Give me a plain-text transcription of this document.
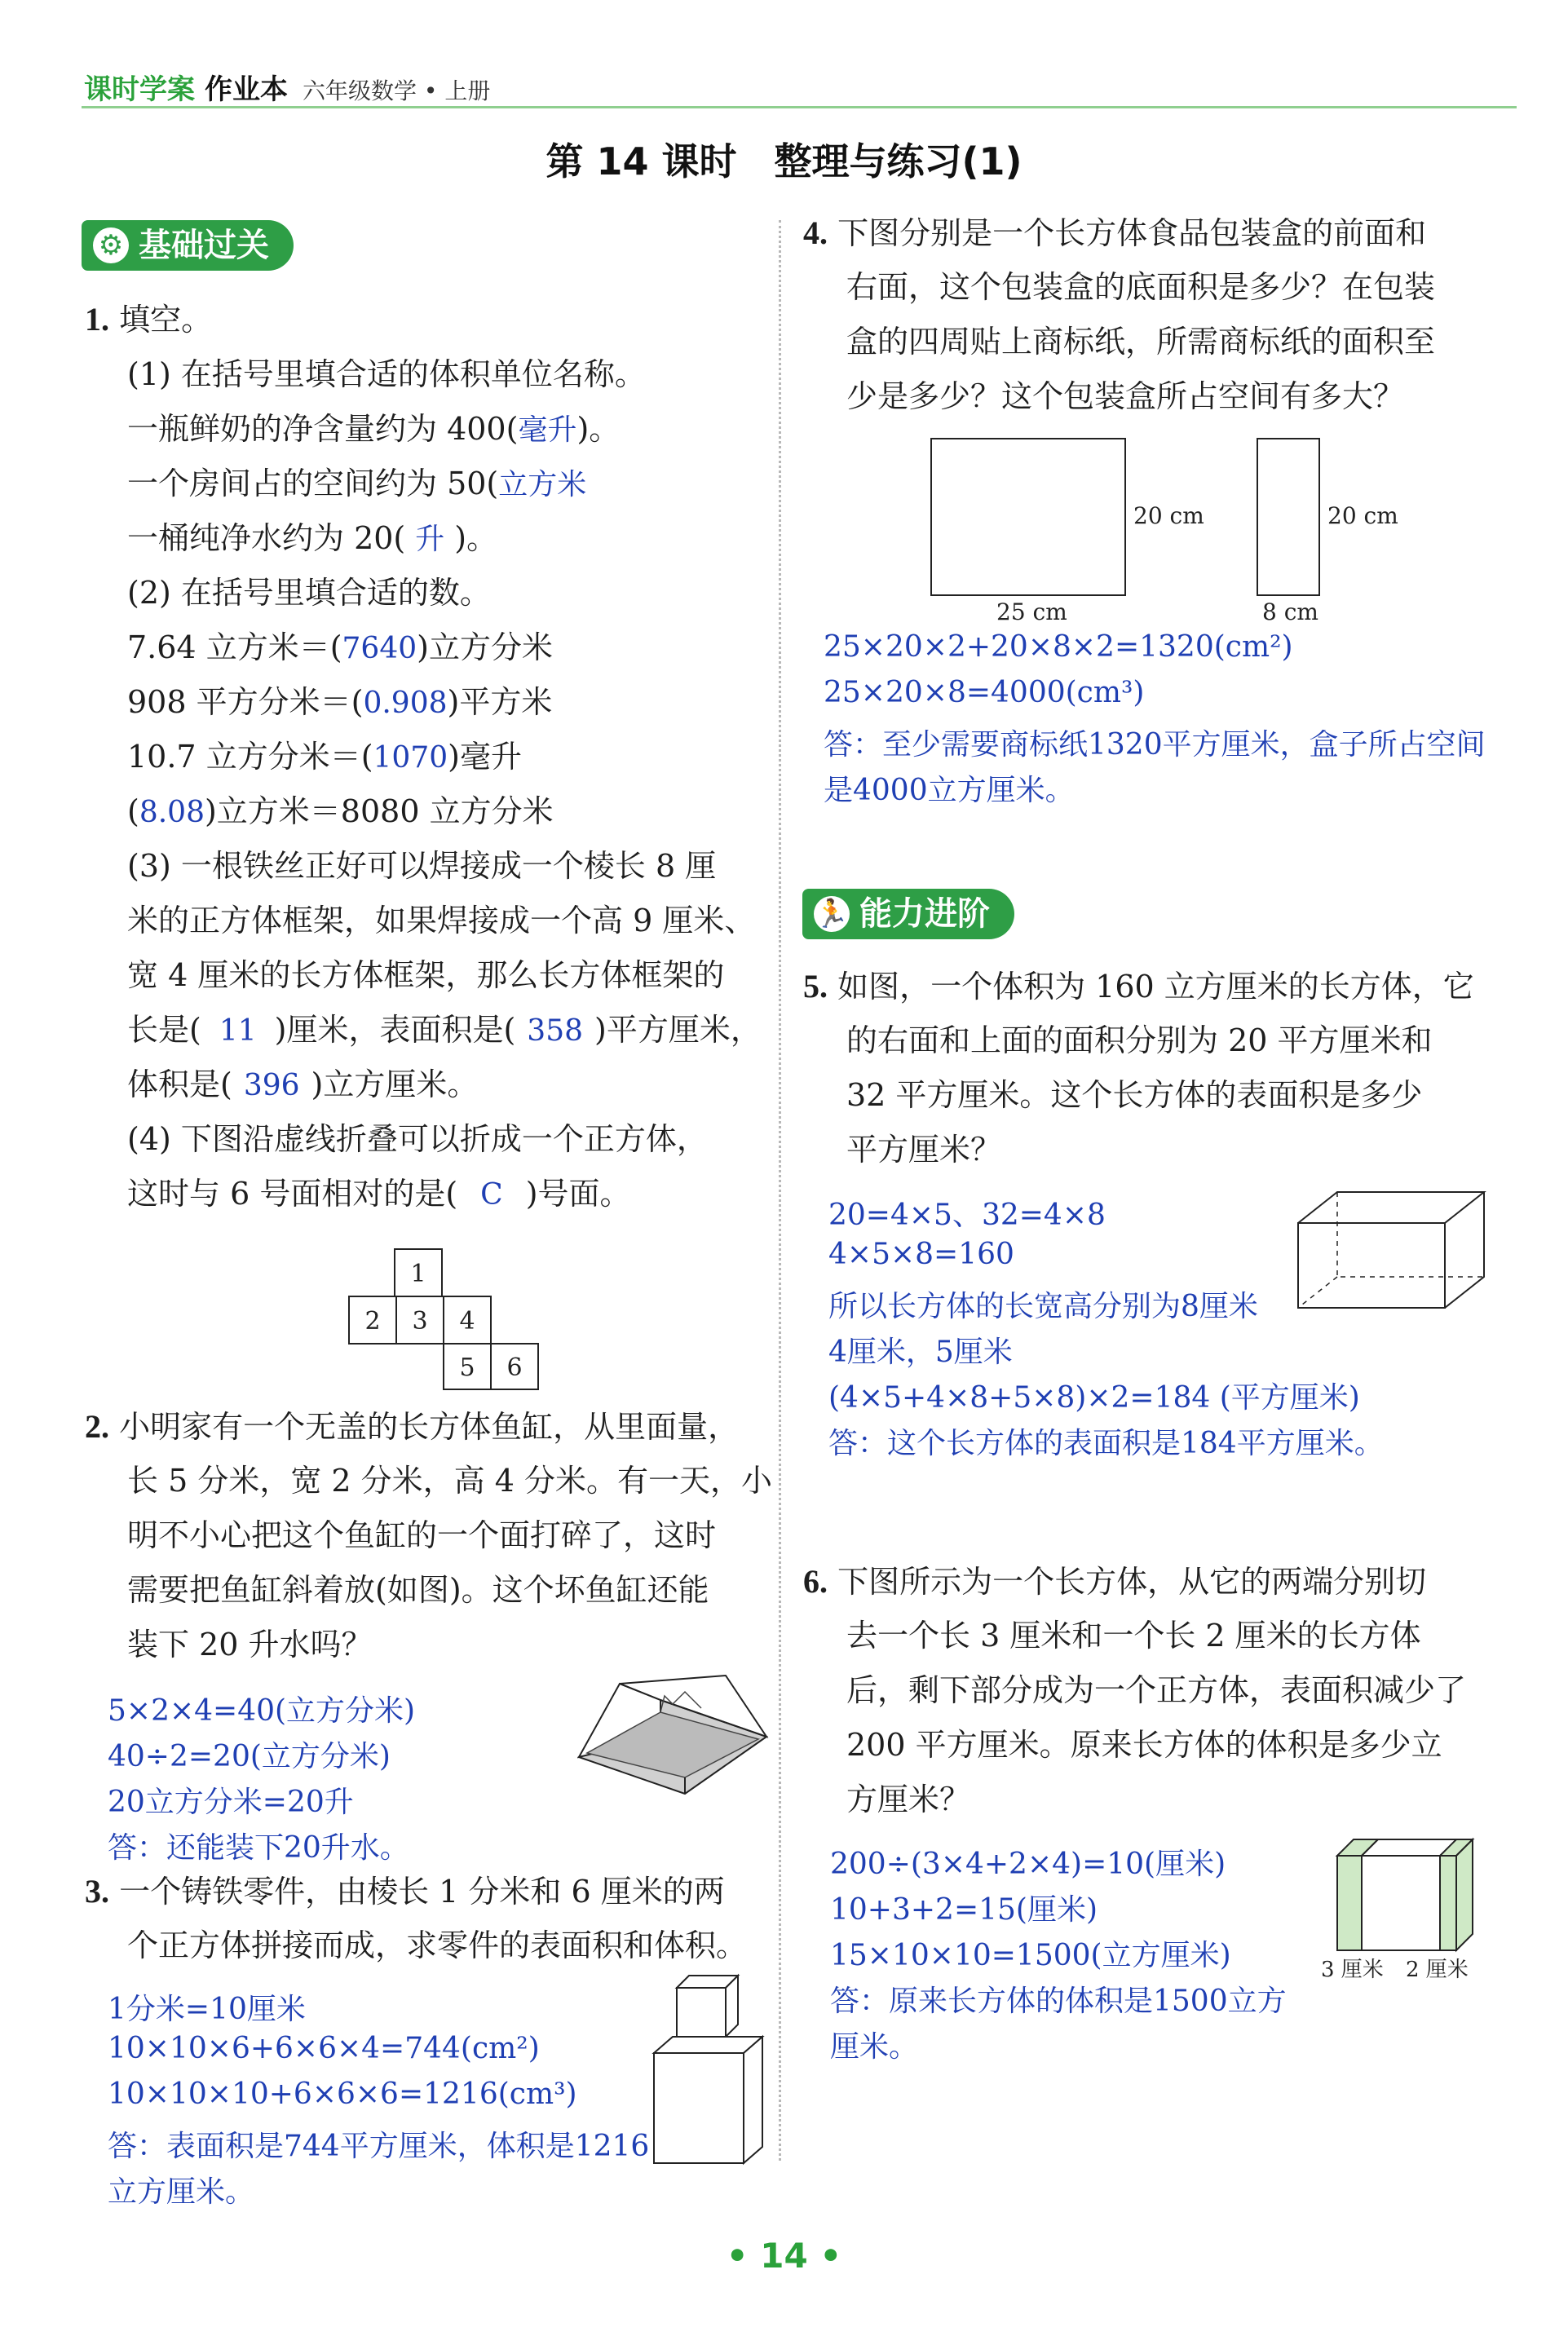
课时学案 作业本 六年级数学 • 上册
第 14 课时　整理与练习(1)
⚙ 基础过关
1. 填空。
(1) 在括号里填合适的体积单位名称。
一瓶鲜奶的净含量约为 400(毫升)。
一个房间占的空间约为 50(立方米
一桶纯净水约为 20( 升 )。
(2) 在括号里填合适的数。
7.64 立方米＝(7640)立方分米
908 平方分米＝(0.908)平方米
10.7 立方分米＝(1070)毫升
(8.08)立方米＝8080 立方分米
(3) 一根铁丝正好可以焊接成一个棱长 8 厘
米的正方体框架，如果焊接成一个高 9 厘米、
宽 4 厘米的长方体框架，那么长方体框架的
长是( 11 )厘米，表面积是( 358 )平方厘米，
体积是( 396 )立方厘米。
(4) 下图沿虚线折叠可以折成一个正方体，
这时与 6 号面相对的是( C )号面。
1
2 3 4
5 6
2. 小明家有一个无盖的长方体鱼缸，从里面量，
长 5 分米，宽 2 分米，高 4 分米。有一天，小
明不小心把这个鱼缸的一个面打碎了，这时
需要把鱼缸斜着放(如图)。这个坏鱼缸还能
装下 20 升水吗？
5×2×4=40(立方分米)
40÷2=20(立方分米)
20立方分米=20升
答：还能装下20升水。
3. 一个铸铁零件，由棱长 1 分米和 6 厘米的两
个正方体拼接而成，求零件的表面积和体积。
1分米=10厘米
10×10×6+6×6×4=744(cm²)
10×10×10+6×6×6=1216(cm³)
答：表面积是744平方厘米，体积是1216
立方厘米。
4. 下图分别是一个长方体食品包装盒的前面和
右面，这个包装盒的底面积是多少？在包装
盒的四周贴上商标纸，所需商标纸的面积至
少是多少？这个包装盒所占空间有多大？
20 cm
25 cm
20 cm
8 cm
25×20×2+20×8×2=1320(cm²)
25×20×8=4000(cm³)
答：至少需要商标纸1320平方厘米，盒子所占空间
是4000立方厘米。
🏃 能力进阶
5. 如图，一个体积为 160 立方厘米的长方体，它
的右面和上面的面积分别为 20 平方厘米和
32 平方厘米。这个长方体的表面积是多少
平方厘米？
20=4×5、32=4×8
4×5×8=160
所以长方体的长宽高分别为8厘米
4厘米，5厘米
(4×5+4×8+5×8)×2=184 (平方厘米)
答：这个长方体的表面积是184平方厘米。
6. 下图所示为一个长方体，从它的两端分别切
去一个长 3 厘米和一个长 2 厘米的长方体
后，剩下部分成为一个正方体，表面积减少了
200 平方厘米。原来长方体的体积是多少立
方厘米？
200÷(3×4+2×4)=10(厘米)
10+3+2=15(厘米)
15×10×10=1500(立方厘米)
答：原来长方体的体积是1500立方
厘米。
3 厘米 2 厘米
• 14 •
